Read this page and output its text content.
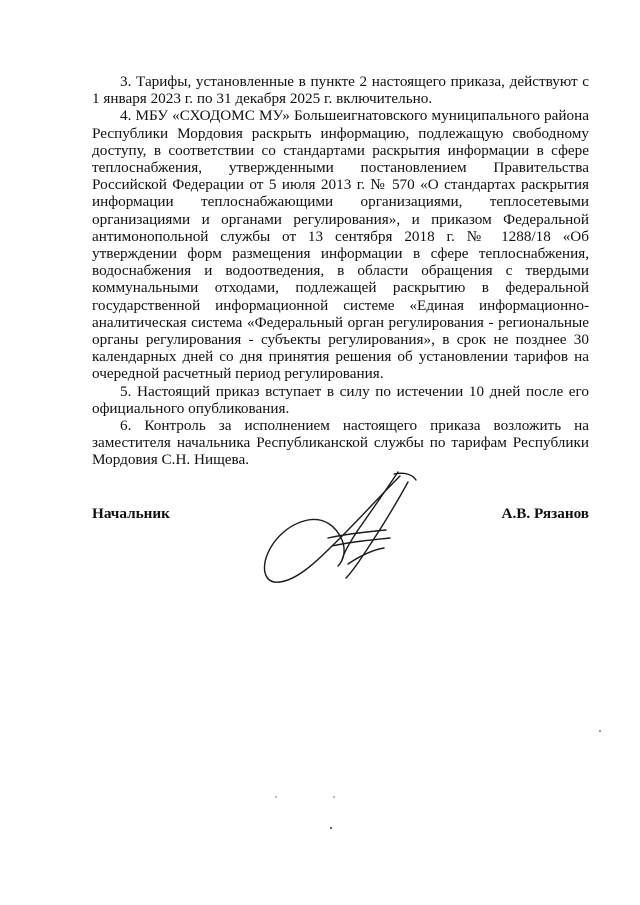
3. Тарифы, установленные в пункте 2 настоящего приказа, действуют с 1 января 2023 г. по 31 декабря 2025 г. включительно.

4. МБУ «СХОДОМС МУ» Большеигнатовского муниципального района Республики Мордовия раскрыть информацию, подлежащую свободному доступу, в соответствии со стандартами раскрытия информации в сфере теплоснабжения, утвержденными постановлением Правительства Российской Федерации от 5 июля 2013 г. № 570 «О стандартах раскрытия информации теплоснабжающими организациями, теплосетевыми организациями и органами регулирования», и приказом Федеральной антимонопольной службы от 13 сентября 2018 г. № 1288/18 «Об утверждении форм размещения информации в сфере теплоснабжения, водоснабжения и водоотведения, в области обращения с твердыми коммунальными отходами, подлежащей раскрытию в федеральной государственной информационной системе «Единая информационно-аналитическая система «Федеральный орган регулирования - региональные органы регулирования - субъекты регулирования», в срок не позднее 30 календарных дней со дня принятия решения об установлении тарифов на очередной расчетный период регулирования.

5. Настоящий приказ вступает в силу по истечении 10 дней после его официального опубликования.

6. Контроль за исполнением настоящего приказа возложить на заместителя начальника Республиканской службы по тарифам Республики Мордовия С.Н. Нищева.

Начальник	А.В. Рязанов
